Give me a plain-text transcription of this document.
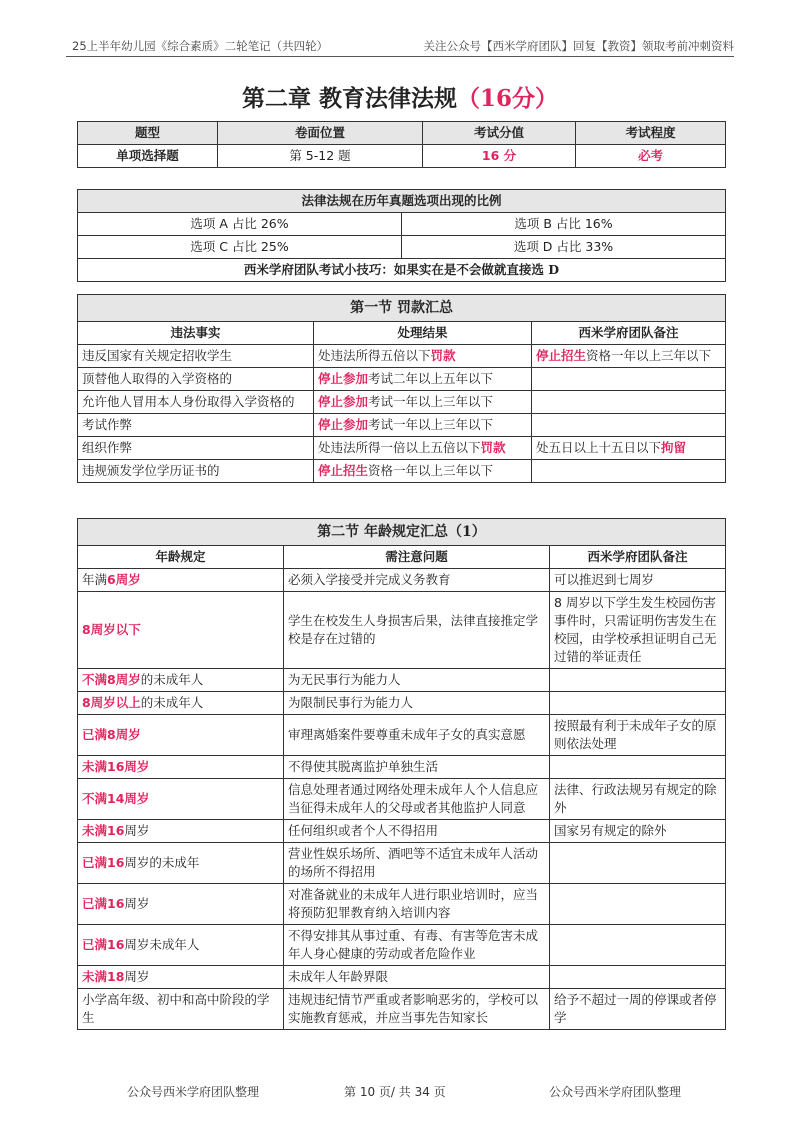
25上半年幼儿园《综合素质》二轮笔记（共四轮）	关注公众号【西米学府团队】回复【教资】领取考前冲刺资料
第二章 教育法律法规（16分）
题型	卷面位置	考试分值	考试程度
单项选择题	第 5-12 题	16 分	必考
法律法规在历年真题选项出现的比例	
选项 A 占比 26%	选项 B 占比 16%
选项 C 占比 25%	选项 D 占比 33%
西米学府团队考试小技巧：如果实在是不会做就直接选 D	
第一节 罚款汇总		
违法事实	处理结果	西米学府团队备注
违反国家有关规定招收学生	处违法所得五倍以下罚款	停止招生资格一年以上三年以下
顶替他人取得的入学资格的	停止参加考试二年以上五年以下	
允许他人冒用本人身份取得入学资格的	停止参加考试一年以上三年以下	
考试作弊	停止参加考试一年以上三年以下	
组织作弊	处违法所得一倍以上五倍以下罚款	处五日以上十五日以下拘留
违规颁发学位学历证书的	停止招生资格一年以上三年以下	
第二节 年龄规定汇总（1）		
年龄规定	需注意问题	西米学府团队备注
年满6周岁	必须入学接受并完成义务教育	可以推迟到七周岁
8周岁以下	学生在校发生人身损害后果，法律直接推定学校是存在过错的	8 周岁以下学生发生校园伤害事件时，只需证明伤害发生在校园，由学校承担证明自己无过错的举证责任
不满8周岁的未成年人	为无民事行为能力人	
8周岁以上的未成年人	为限制民事行为能力人	
已满8周岁	审理离婚案件要尊重未成年子女的真实意愿	按照最有利于未成年子女的原则依法处理
未满16周岁	不得使其脱离监护单独生活	
不满14周岁	信息处理者通过网络处理未成年人个人信息应当征得未成年人的父母或者其他监护人同意	法律、行政法规另有规定的除外
未满16周岁	任何组织或者个人不得招用	国家另有规定的除外
已满16周岁的未成年	营业性娱乐场所、酒吧等不适宜未成年人活动的场所不得招用	
已满16周岁	对准备就业的未成年人进行职业培训时，应当将预防犯罪教育纳入培训内容	
已满16周岁未成年人	不得安排其从事过重、有毒、有害等危害未成年人身心健康的劳动或者危险作业	
未满18周岁	未成年人年龄界限	
小学高年级、初中和高中阶段的学生	违规违纪情节严重或者影响恶劣的，学校可以实施教育惩戒，并应当事先告知家长	给予不超过一周的停课或者停学
公众号西米学府团队整理	第 10 页/ 共 34 页	公众号西米学府团队整理
